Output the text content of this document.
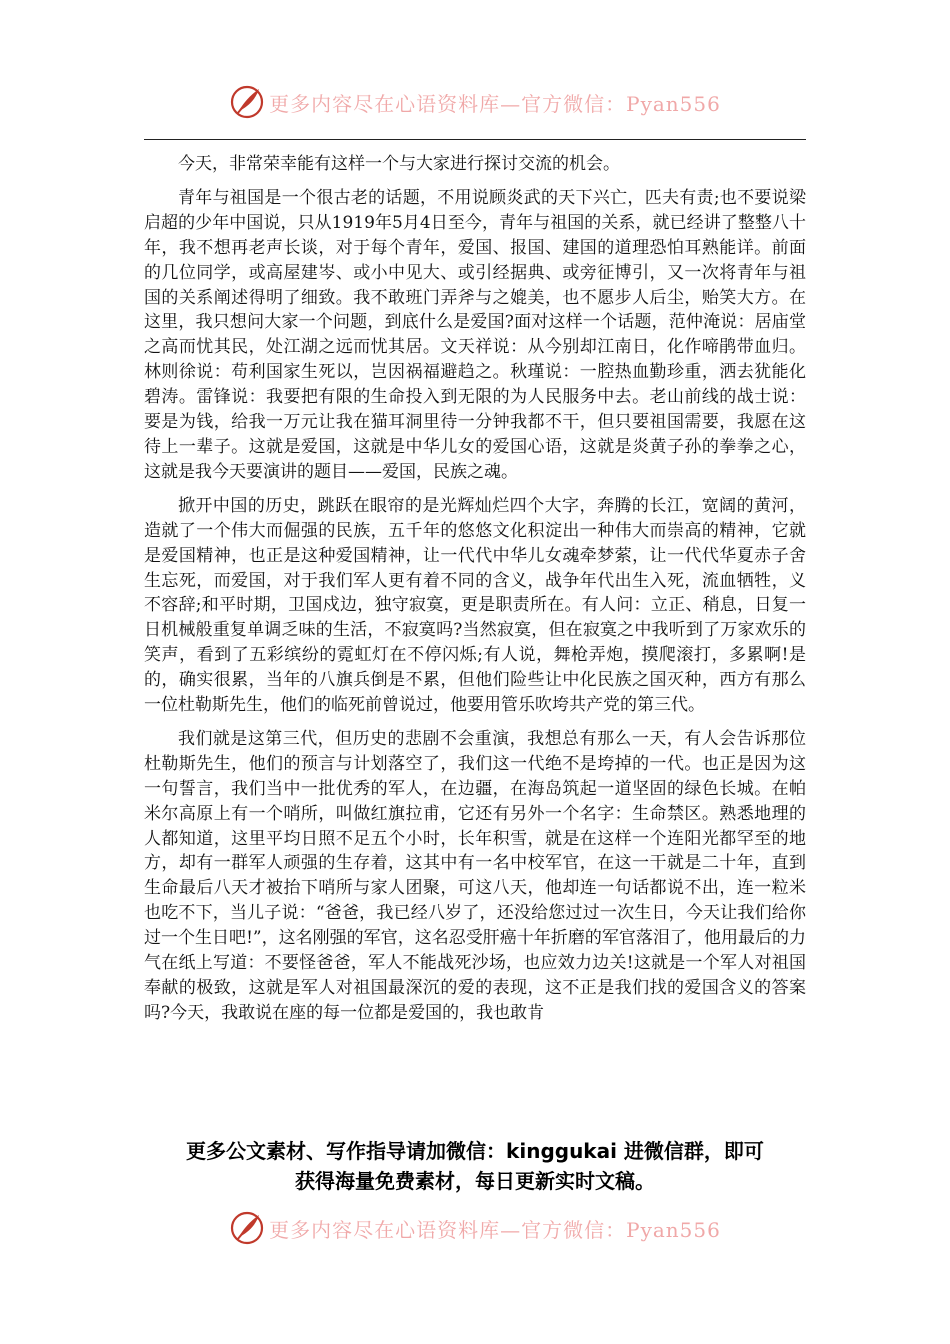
更多内容尽在心语资料库—官方微信：Pyan556

今天，非常荣幸能有这样一个与大家进行探讨交流的机会。

青年与祖国是一个很古老的话题，不用说顾炎武的天下兴亡，匹夫有责;也不要说梁启超的少年中国说，只从1919年5月4日至今，青年与祖国的关系，就已经讲了整整八十年，我不想再老声长谈，对于每个青年，爱国、报国、建国的道理恐怕耳熟能详。前面的几位同学，或高屋建岑、或小中见大、或引经据典、或旁征博引，又一次将青年与祖国的关系阐述得明了细致。我不敢班门弄斧与之媲美，也不愿步人后尘，贻笑大方。在这里，我只想问大家一个问题，到底什么是爱国?面对这样一个话题，范仲淹说：居庙堂之高而忧其民，处江湖之远而忧其居。文天祥说：从今别却江南日，化作啼鹃带血归。林则徐说：苟利国家生死以，岂因祸福避趋之。秋瑾说：一腔热血勤珍重，洒去犹能化碧涛。雷锋说：我要把有限的生命投入到无限的为人民服务中去。老山前线的战士说：要是为钱，给我一万元让我在猫耳洞里待一分钟我都不干，但只要祖国需要，我愿在这待上一辈子。这就是爱国，这就是中华儿女的爱国心语，这就是炎黄子孙的拳拳之心，这就是我今天要演讲的题目——爱国，民族之魂。

掀开中国的历史，跳跃在眼帘的是光辉灿烂四个大字，奔腾的长江，宽阔的黄河，造就了一个伟大而倔强的民族，五千年的悠悠文化积淀出一种伟大而崇高的精神，它就是爱国精神，也正是这种爱国精神，让一代代中华儿女魂牵梦萦，让一代代华夏赤子舍生忘死，而爱国，对于我们军人更有着不同的含义，战争年代出生入死，流血牺牲，义不容辞;和平时期，卫国戍边，独守寂寞，更是职责所在。有人问：立正、稍息，日复一日机械般重复单调乏味的生活，不寂寞吗?当然寂寞，但在寂寞之中我听到了万家欢乐的笑声，看到了五彩缤纷的霓虹灯在不停闪烁;有人说，舞枪弄炮，摸爬滚打，多累啊!是的，确实很累，当年的八旗兵倒是不累，但他们险些让中化民族之国灭种，西方有那么一位杜勒斯先生，他们的临死前曾说过，他要用管乐吹垮共产党的第三代。

我们就是这第三代，但历史的悲剧不会重演，我想总有那么一天，有人会告诉那位杜勒斯先生，他们的预言与计划落空了，我们这一代绝不是垮掉的一代。也正是因为这一句誓言，我们当中一批优秀的军人，在边疆，在海岛筑起一道坚固的绿色长城。在帕米尔高原上有一个哨所，叫做红旗拉甫，它还有另外一个名字：生命禁区。熟悉地理的人都知道，这里平均日照不足五个小时，长年积雪，就是在这样一个连阳光都罕至的地方，却有一群军人顽强的生存着，这其中有一名中校军官，在这一干就是二十年，直到生命最后八天才被抬下哨所与家人团聚，可这八天，他却连一句话都说不出，连一粒米也吃不下，当儿子说：“爸爸，我已经八岁了，还没给您过过一次生日，今天让我们给你过一个生日吧!”，这名刚强的军官，这名忍受肝癌十年折磨的军官落泪了，他用最后的力气在纸上写道：不要怪爸爸，军人不能战死沙场，也应效力边关!这就是一个军人对祖国奉献的极致，这就是军人对祖国最深沉的爱的表现，这不正是我们找的爱国含义的答案吗?今天，我敢说在座的每一位都是爱国的，我也敢肯

更多公文素材、写作指导请加微信：kinggukai 进微信群，即可
获得海量免费素材，每日更新实时文稿。
更多内容尽在心语资料库—官方微信：Pyan556
